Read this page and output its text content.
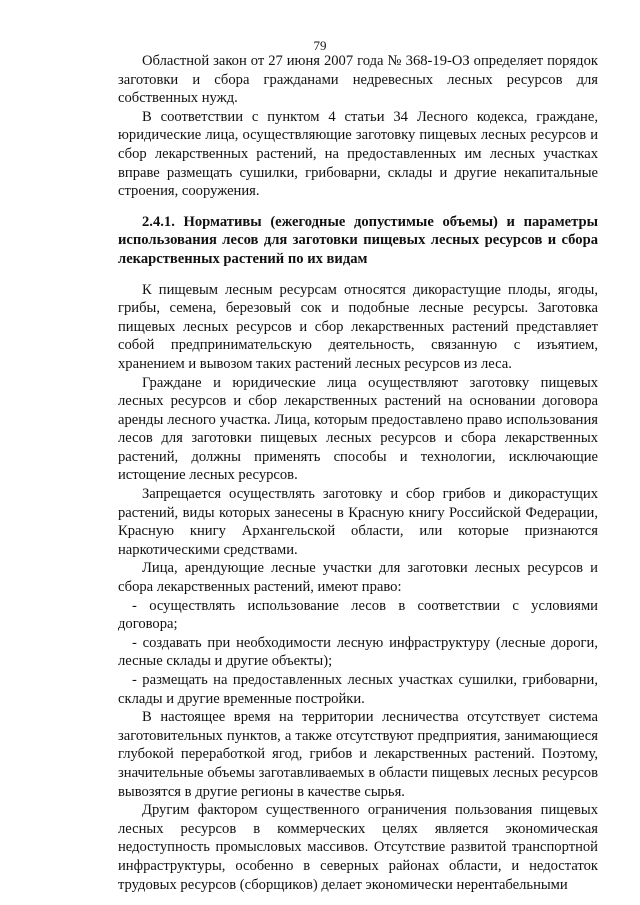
79

Областной закон от 27 июня 2007 года № 368-19-ОЗ определяет порядок заготовки и сбора гражданами недревесных лесных ресурсов для собственных нужд.

В соответствии с пунктом 4 статьи 34 Лесного кодекса, граждане, юридические лица, осуществляющие заготовку пищевых лесных ресурсов и сбор лекарственных растений, на предоставленных им лесных участках вправе размещать сушилки, грибоварни, склады и другие некапитальные строения, сооружения.

2.4.1. Нормативы (ежегодные допустимые объемы) и параметры использования лесов для заготовки пищевых лесных ресурсов и сбора лекарственных растений по их видам

К пищевым лесным ресурсам относятся дикорастущие плоды, ягоды, грибы, семена, березовый сок и подобные лесные ресурсы. Заготовка пищевых лесных ресурсов и сбор лекарственных растений представляет собой предпринимательскую деятельность, связанную с изъятием, хранением и вывозом таких растений лесных ресурсов из леса.

Граждане и юридические лица осуществляют заготовку пищевых лесных ресурсов и сбор лекарственных растений на основании договора аренды лесного участка. Лица, которым предоставлено право использования лесов для заготовки пищевых лесных ресурсов и сбора лекарственных растений, должны применять способы и технологии, исключающие истощение лесных ресурсов.

Запрещается осуществлять заготовку и сбор грибов и дикорастущих растений, виды которых занесены в Красную книгу Российской Федерации, Красную книгу Архангельской области, или которые признаются наркотическими средствами.

Лица, арендующие лесные участки для заготовки лесных ресурсов и сбора лекарственных растений, имеют право:

- осуществлять использование лесов в соответствии с условиями договора;

- создавать при необходимости лесную инфраструктуру (лесные дороги, лесные склады и другие объекты);

- размещать на предоставленных лесных участках сушилки, грибоварни, склады и другие временные постройки.

В настоящее время на территории лесничества отсутствует система заготовительных пунктов, а также отсутствуют предприятия, занимающиеся глубокой переработкой ягод, грибов и лекарственных растений. Поэтому, значительные объемы заготавливаемых в области пищевых лесных ресурсов вывозятся в другие регионы в качестве сырья.

Другим фактором существенного ограничения пользования пищевых лесных ресурсов в коммерческих целях является экономическая недоступность промысловых массивов. Отсутствие развитой транспортной инфраструктуры, особенно в северных районах области, и недостаток трудовых ресурсов (сборщиков) делает экономически нерентабельными
